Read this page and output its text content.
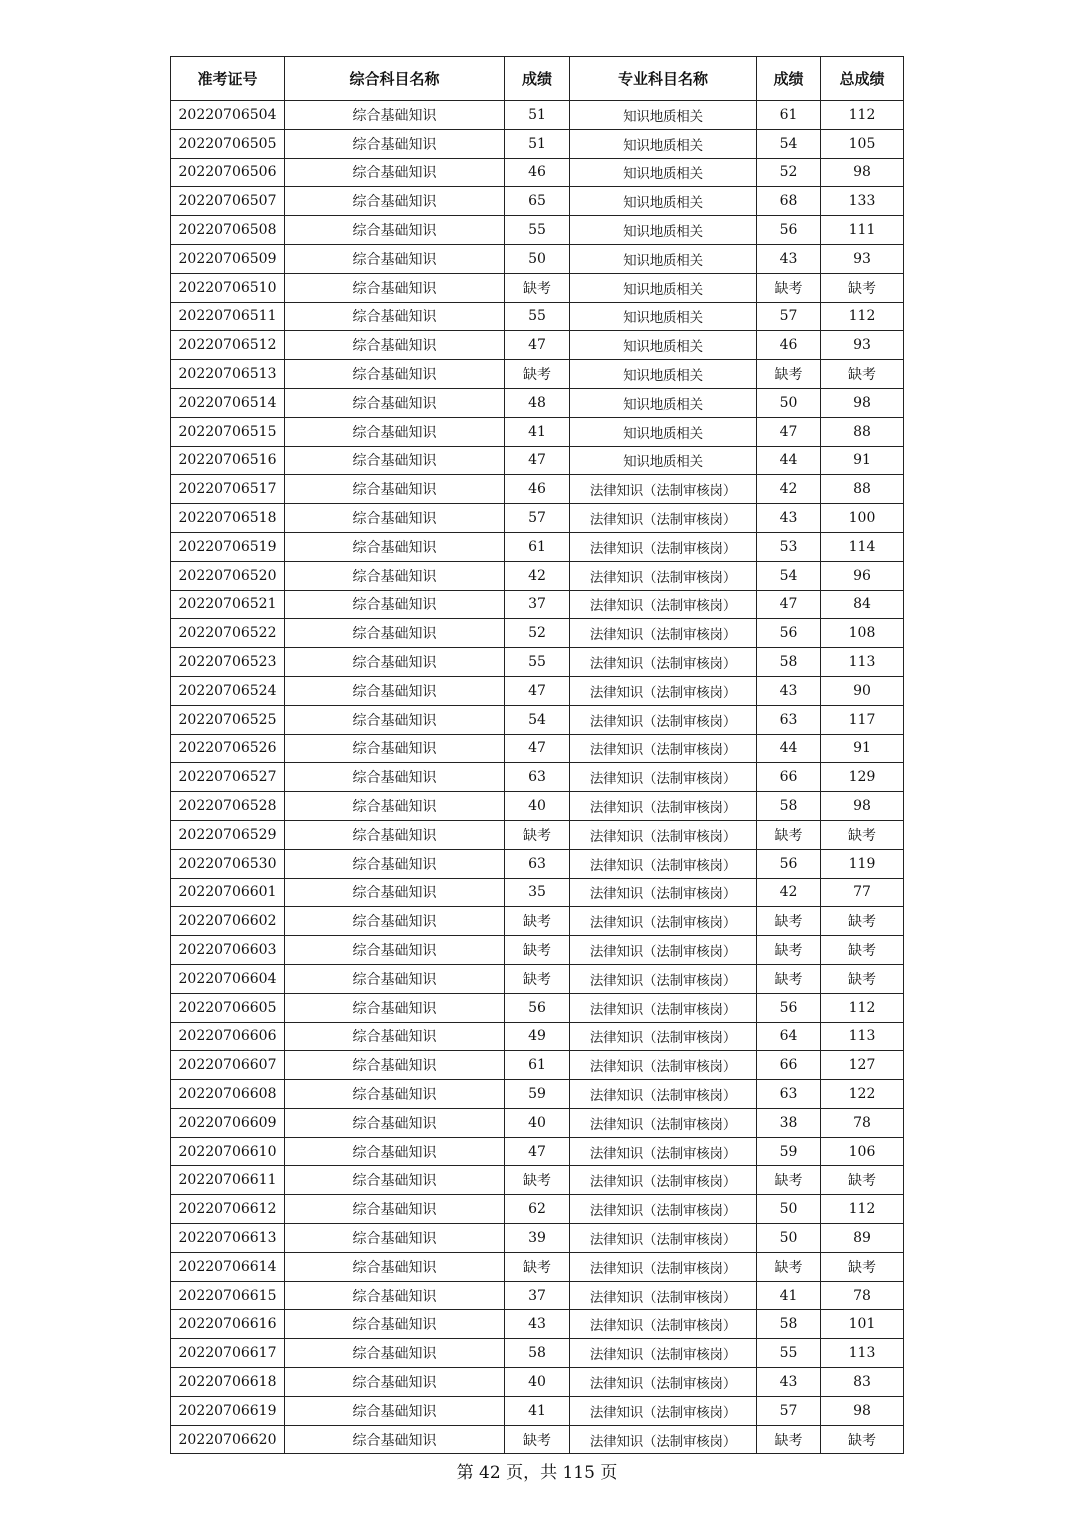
准考证号	综合科目名称	成绩	专业科目名称	成绩	总成绩
20220706504	综合基础知识	51	知识地质相关	61	112
20220706505	综合基础知识	51	知识地质相关	54	105
20220706506	综合基础知识	46	知识地质相关	52	98
20220706507	综合基础知识	65	知识地质相关	68	133
20220706508	综合基础知识	55	知识地质相关	56	111
20220706509	综合基础知识	50	知识地质相关	43	93
20220706510	综合基础知识	缺考	知识地质相关	缺考	缺考
20220706511	综合基础知识	55	知识地质相关	57	112
20220706512	综合基础知识	47	知识地质相关	46	93
20220706513	综合基础知识	缺考	知识地质相关	缺考	缺考
20220706514	综合基础知识	48	知识地质相关	50	98
20220706515	综合基础知识	41	知识地质相关	47	88
20220706516	综合基础知识	47	知识地质相关	44	91
20220706517	综合基础知识	46	法律知识（法制审核岗）	42	88
20220706518	综合基础知识	57	法律知识（法制审核岗）	43	100
20220706519	综合基础知识	61	法律知识（法制审核岗）	53	114
20220706520	综合基础知识	42	法律知识（法制审核岗）	54	96
20220706521	综合基础知识	37	法律知识（法制审核岗）	47	84
20220706522	综合基础知识	52	法律知识（法制审核岗）	56	108
20220706523	综合基础知识	55	法律知识（法制审核岗）	58	113
20220706524	综合基础知识	47	法律知识（法制审核岗）	43	90
20220706525	综合基础知识	54	法律知识（法制审核岗）	63	117
20220706526	综合基础知识	47	法律知识（法制审核岗）	44	91
20220706527	综合基础知识	63	法律知识（法制审核岗）	66	129
20220706528	综合基础知识	40	法律知识（法制审核岗）	58	98
20220706529	综合基础知识	缺考	法律知识（法制审核岗）	缺考	缺考
20220706530	综合基础知识	63	法律知识（法制审核岗）	56	119
20220706601	综合基础知识	35	法律知识（法制审核岗）	42	77
20220706602	综合基础知识	缺考	法律知识（法制审核岗）	缺考	缺考
20220706603	综合基础知识	缺考	法律知识（法制审核岗）	缺考	缺考
20220706604	综合基础知识	缺考	法律知识（法制审核岗）	缺考	缺考
20220706605	综合基础知识	56	法律知识（法制审核岗）	56	112
20220706606	综合基础知识	49	法律知识（法制审核岗）	64	113
20220706607	综合基础知识	61	法律知识（法制审核岗）	66	127
20220706608	综合基础知识	59	法律知识（法制审核岗）	63	122
20220706609	综合基础知识	40	法律知识（法制审核岗）	38	78
20220706610	综合基础知识	47	法律知识（法制审核岗）	59	106
20220706611	综合基础知识	缺考	法律知识（法制审核岗）	缺考	缺考
20220706612	综合基础知识	62	法律知识（法制审核岗）	50	112
20220706613	综合基础知识	39	法律知识（法制审核岗）	50	89
20220706614	综合基础知识	缺考	法律知识（法制审核岗）	缺考	缺考
20220706615	综合基础知识	37	法律知识（法制审核岗）	41	78
20220706616	综合基础知识	43	法律知识（法制审核岗）	58	101
20220706617	综合基础知识	58	法律知识（法制审核岗）	55	113
20220706618	综合基础知识	40	法律知识（法制审核岗）	43	83
20220706619	综合基础知识	41	法律知识（法制审核岗）	57	98
20220706620	综合基础知识	缺考	法律知识（法制审核岗）	缺考	缺考
第 42 页，共 115 页
